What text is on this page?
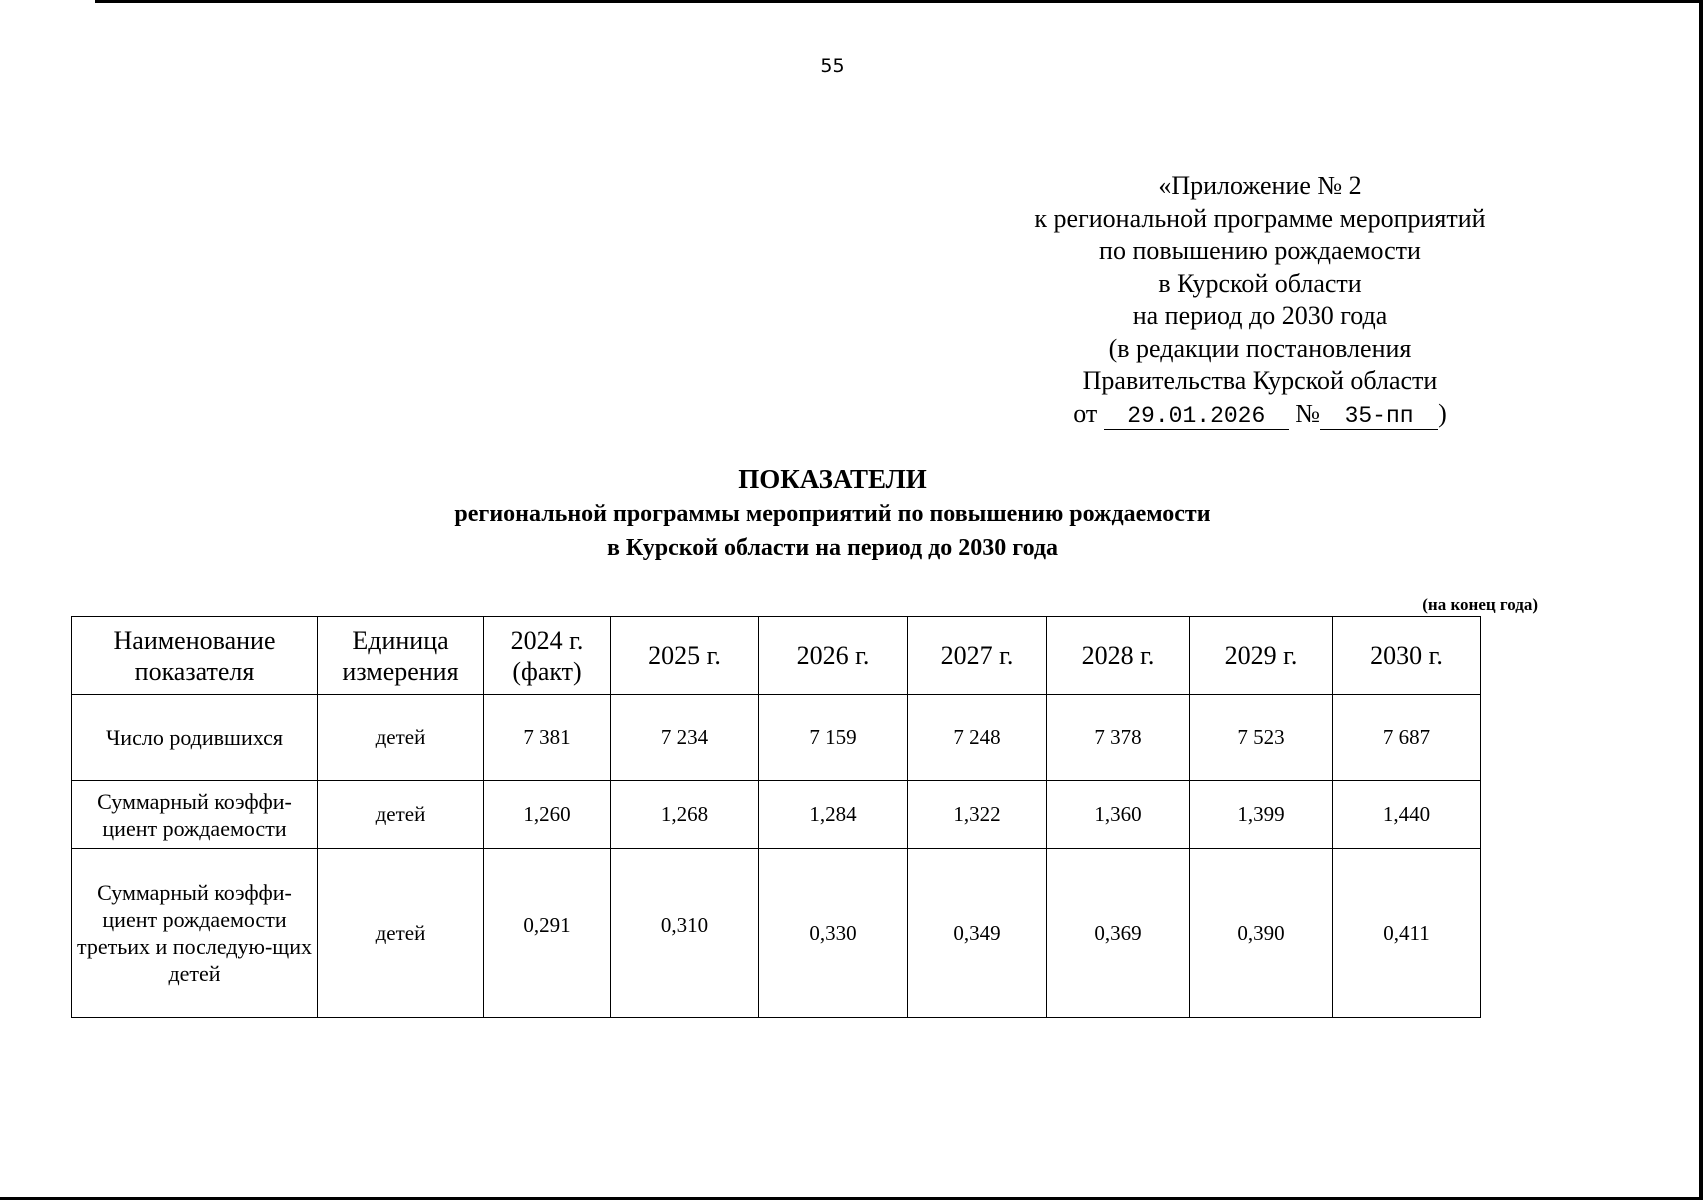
55
«Приложение № 2
к региональной программе мероприятий
по повышению рождаемости
в Курской области
на период до 2030 года
(в редакции постановления
Правительства Курской области
от 29.01.2026 № 35-пп )
ПОКАЗАТЕЛИ
региональной программы мероприятий по повышению рождаемости
в Курской области на период до 2030 года
(на конец года)
Наименование показателя	Единица измерения	2024 г. (факт)	2025 г.	2026 г.	2027 г.	2028 г.	2029 г.	2030 г.
Число родившихся	детей	7 381	7 234	7 159	7 248	7 378	7 523	7 687
Суммарный коэффи-циент рождаемости	детей	1,260	1,268	1,284	1,322	1,360	1,399	1,440
Суммарный коэффи-циент рождаемости третьих и последую-щих детей	детей	0,291	0,310	0,330	0,349	0,369	0,390	0,411
